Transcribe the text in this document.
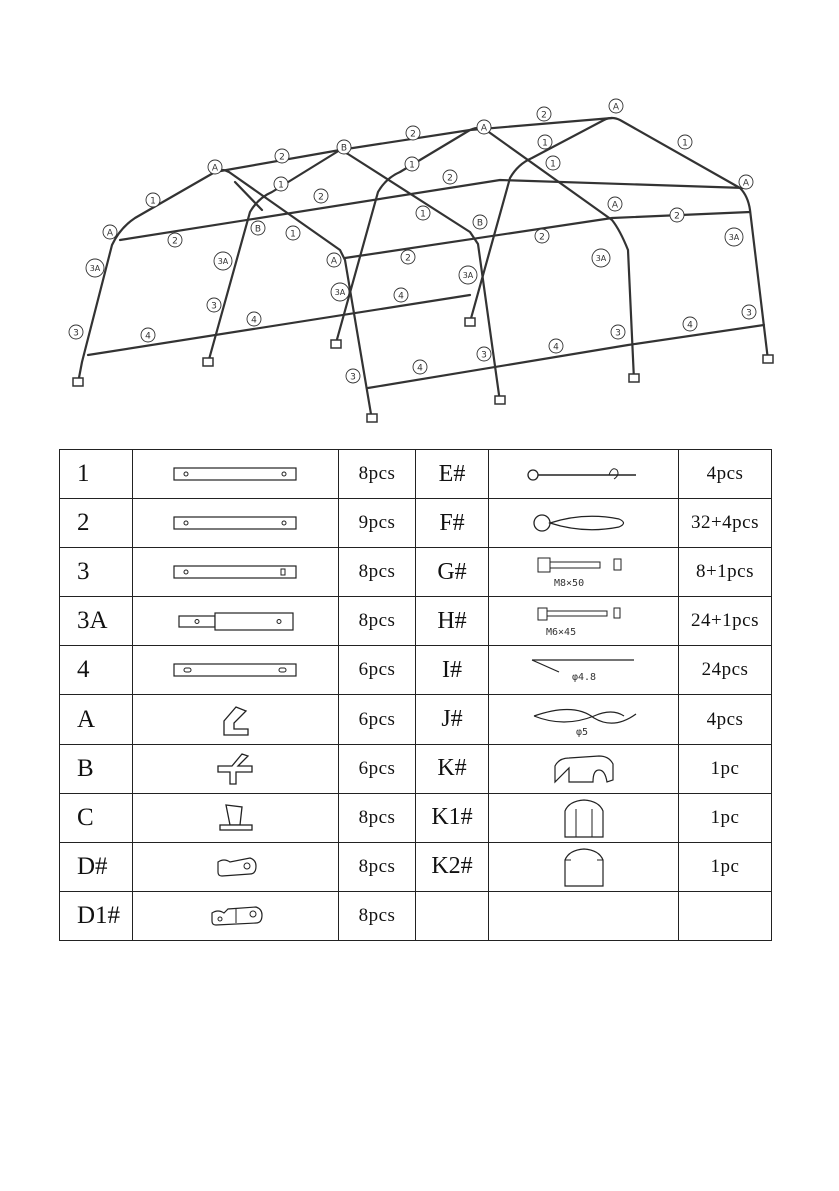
A
A
A
A
A
A
A
B
B
B
1
1
1
1
1
1
1
1
2
2
2
2
2
2
2
2
2
3A
3A
3A
3A
3A
3A
3
3
3
3
3
3
4
4
4
4
4
4
1		8pcs	E#		4pcs
2		9pcs	F#		32+4pcs
3		8pcs	G#	M8×50	8+1pcs
3A		8pcs	H#	M6×45	24+1pcs
4		6pcs	I#	φ4.8	24pcs
A		6pcs	J#	φ5	4pcs
B		6pcs	K#		1pc
C		8pcs	K1#		1pc
D#		8pcs	K2#		1pc
D1#		8pcs			
